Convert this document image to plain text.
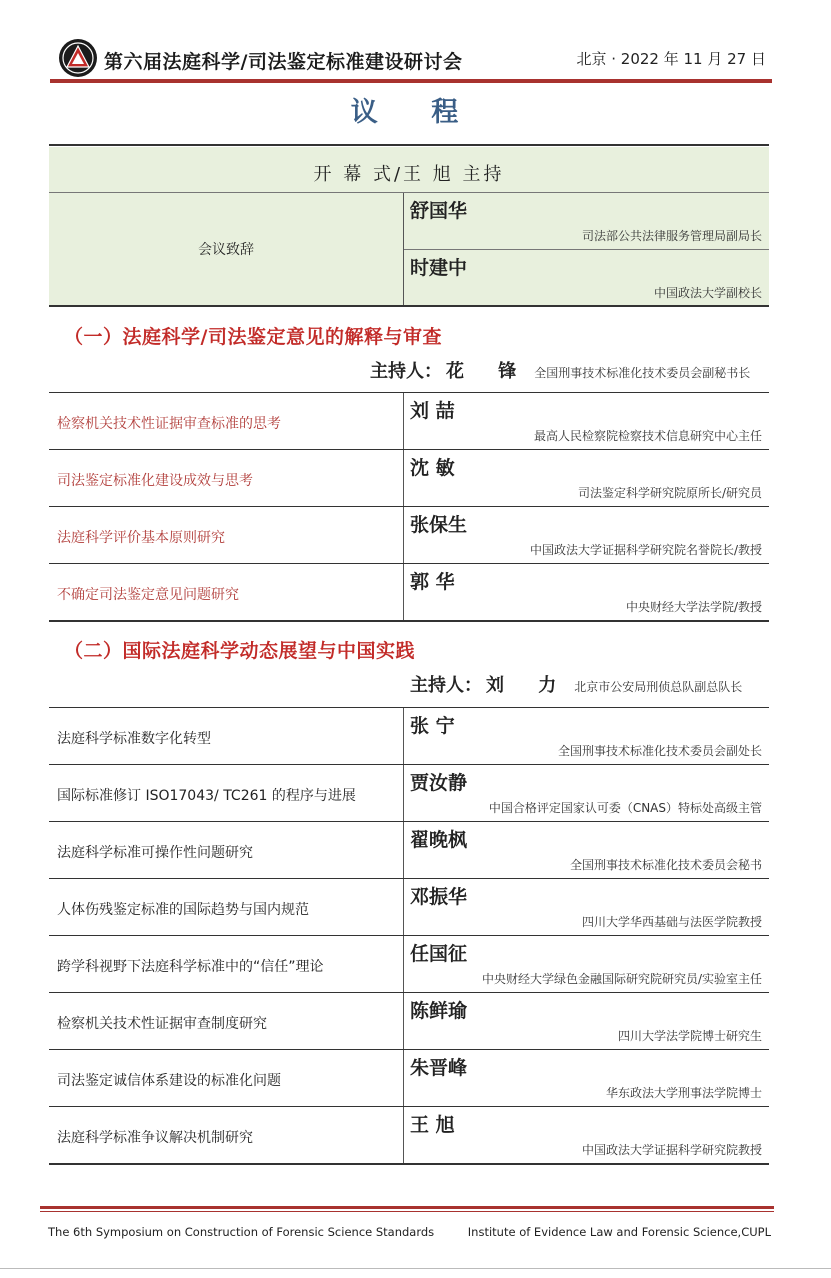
第六届法庭科学/司法鉴定标准建设研讨会	北京 · 2022 年 11 月 27 日
议 程
开 幕 式/王 旭 主持
会议致辞
舒国华
司法部公共法律服务管理局副局长
时建中
中国政法大学副校长
（一）法庭科学/司法鉴定意见的解释与审查
主持人： 花 锋 全国刑事技术标准化技术委员会副秘书长
检察机关技术性证据审查标准的思考
刘 喆
最高人民检察院检察技术信息研究中心主任
司法鉴定标准化建设成效与思考
沈 敏
司法鉴定科学研究院原所长/研究员
法庭科学评价基本原则研究
张保生
中国政法大学证据科学研究院名誉院长/教授
不确定司法鉴定意见问题研究
郭 华
中央财经大学法学院/教授
（二）国际法庭科学动态展望与中国实践
主持人： 刘 力 北京市公安局刑侦总队副总队长
法庭科学标准数字化转型
张 宁
全国刑事技术标准化技术委员会副处长
国际标准修订 ISO17043/ TC261 的程序与进展
贾汝静
中国合格评定国家认可委（CNAS）特标处高级主管
法庭科学标准可操作性问题研究
翟晚枫
全国刑事技术标准化技术委员会秘书
人体伤残鉴定标准的国际趋势与国内规范
邓振华
四川大学华西基础与法医学院教授
跨学科视野下法庭科学标准中的“信任”理论
任国征
中央财经大学绿色金融国际研究院研究员/实验室主任
检察机关技术性证据审查制度研究
陈鲜瑜
四川大学法学院博士研究生
司法鉴定诚信体系建设的标准化问题
朱晋峰
华东政法大学刑事法学院博士
法庭科学标准争议解决机制研究
王 旭
中国政法大学证据科学研究院教授
The 6th Symposium on Construction of Forensic Science Standards	Institute of Evidence Law and Forensic Science,CUPL
